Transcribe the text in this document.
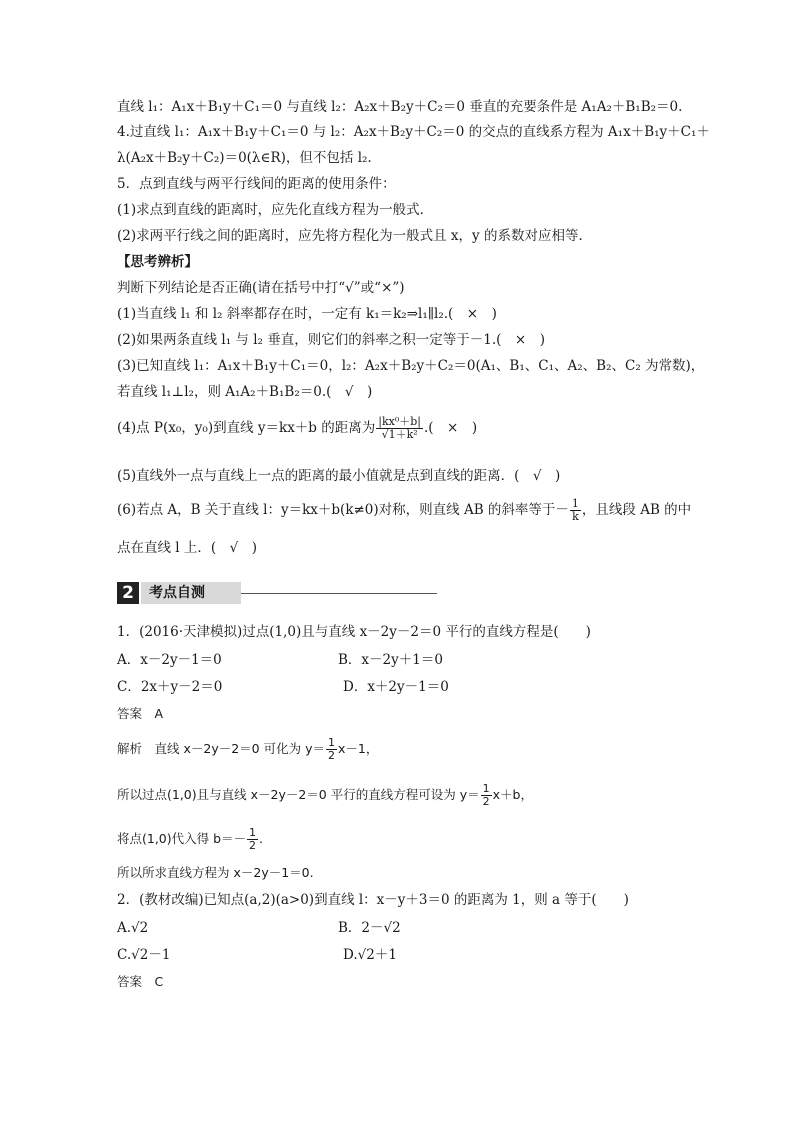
直线 l₁：A₁x＋B₁y＋C₁＝0 与直线 l₂：A₂x＋B₂y＋C₂＝0 垂直的充要条件是 A₁A₂＋B₁B₂＝0.
4.过直线 l₁：A₁x＋B₁y＋C₁＝0 与 l₂：A₂x＋B₂y＋C₂＝0 的交点的直线系方程为 A₁x＋B₁y＋C₁＋
λ(A₂x＋B₂y＋C₂)＝0(λ∈R)，但不包括 l₂.
5．点到直线与两平行线间的距离的使用条件：
(1)求点到直线的距离时，应先化直线方程为一般式．
(2)求两平行线之间的距离时，应先将方程化为一般式且 x，y 的系数对应相等．
【思考辨析】
判断下列结论是否正确(请在括号中打“√”或“×”)
(1)当直线 l₁ 和 l₂ 斜率都存在时，一定有 k₁＝k₂⇒l₁∥l₂.(　×　)
(2)如果两条直线 l₁ 与 l₂ 垂直，则它们的斜率之积一定等于－1.(　×　)
(3)已知直线 l₁：A₁x＋B₁y＋C₁＝0，l₂：A₂x＋B₂y＋C₂＝0(A₁、B₁、C₁、A₂、B₂、C₂ 为常数)，
若直线 l₁⊥l₂，则 A₁A₂＋B₁B₂＝0.(　√　)
(4)点 P(x₀，y₀)到直线 y＝kx＋b 的距离为 $\frac{\text{|kx⁰＋b|}}{\text{√1＋k²}}$ .(　×　)
(5)直线外一点与直线上一点的距离的最小值就是点到直线的距离．(　√　)
(6)若点 A，B 关于直线 l：y＝kx＋b(k≠0)对称，则直线 AB 的斜率等于－ $\frac{1}{k}$ ，且线段 AB 的中
点在直线 l 上．(　√　)
2	考点自测
1．(2016·天津模拟)过点(1,0)且与直线 x－2y－2＝0 平行的直线方程是(　　)
A．x－2y－1＝0	B．x－2y＋1＝0
C．2x＋y－2＝0	D．x＋2y－1＝0
答案　A
解析　直线 x－2y－2＝0 可化为 $y= \frac{1}{2} x-1$，
所以过点(1,0)且与直线 x－2y－2＝0 平行的直线方程可设为 $y= \frac{1}{2} x+b$，
将点(1,0)代入得 $b=- \frac{1}{2}$ .
所以所求直线方程为 x－2y－1＝0.
2．(教材改编)已知点(a,2)(a>0)到直线 l：x－y＋3＝0 的距离为 1，则 a 等于(　　)
A.√2	B．2－√2
C.√2－1	D.√2＋1
答案　C
